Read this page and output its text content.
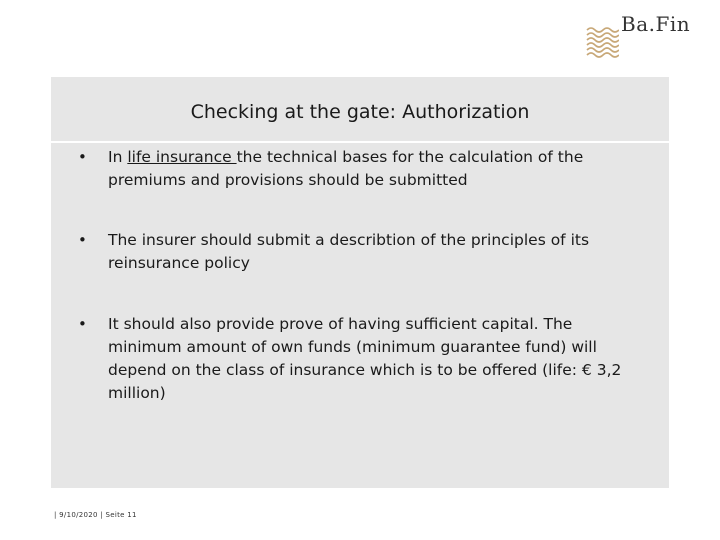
Ba.Fin
Checking at the gate: Authorization
• In life insurance the technical bases for the calculation of the premiums and provisions should be submitted
• The insurer should submit a describtion of the principles of its reinsurance policy
• It should also provide prove of having sufficient capital. The minimum amount of own funds (minimum guarantee fund) will depend on the class of insurance which is to be offered (life: € 3,2 million)
| 9/10/2020 | Seite 11
